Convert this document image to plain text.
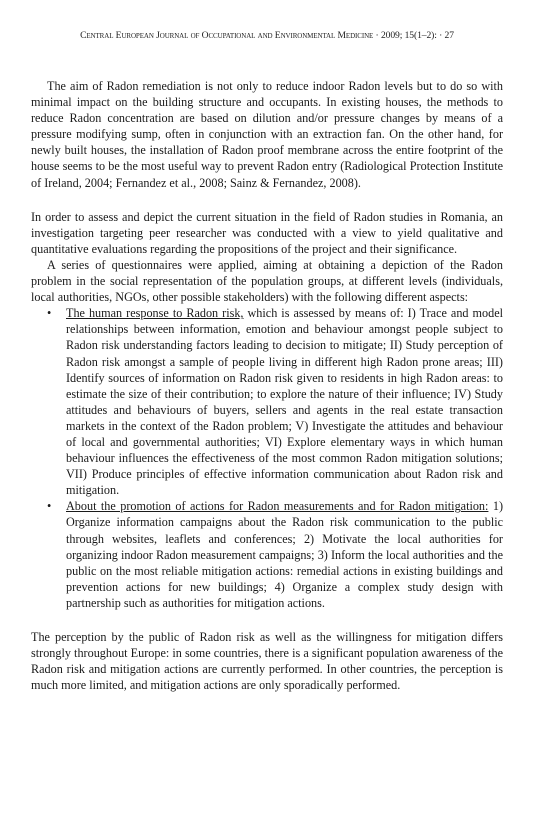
Central European Journal of Occupational and Environmental Medicine · 2009; 15(1–2): · 27

The aim of Radon remediation is not only to reduce indoor Radon levels but to do so with minimal impact on the building structure and occupants. In existing houses, the methods to reduce Radon concentration are based on dilution and/or pressure changes by means of a pressure modifying sump, often in conjunction with an extraction fan. On the other hand, for newly built houses, the installation of Radon proof membrane across the entire footprint of the house seems to be the most useful way to prevent Radon entry (Radiological Protection Institute of Ireland, 2004; Fernandez et al., 2008; Sainz & Fernandez, 2008).

In order to assess and depict the current situation in the field of Radon studies in Romania, an investigation targeting peer researcher was conducted with a view to yield qualitative and quantitative evaluations regarding the propositions of the project and their significance.

A series of questionnaires were applied, aiming at obtaining a depiction of the Radon problem in the social representation of the population groups, at different levels (individuals, local authorities, NGOs, other possible stakeholders) with the following different aspects:

• The human response to Radon risk, which is assessed by means of: I) Trace and model relationships between information, emotion and behaviour amongst people subject to Radon risk understanding factors leading to decision to mitigate; II) Study perception of Radon risk amongst a sample of people living in different high Radon prone areas; III) Identify sources of information on Radon risk given to residents in high Radon areas: to estimate the size of their contribution; to explore the nature of their influence; IV) Study attitudes and behaviours of buyers, sellers and agents in the real estate transaction markets in the context of the Radon problem; V) Investigate the attitudes and behaviour of local and governmental authorities; VI) Explore elementary ways in which human behaviour influences the effectiveness of the most common Radon mitigation solutions; VII) Produce principles of effective information communication about Radon risk and mitigation.
• About the promotion of actions for Radon measurements and for Radon mitigation: 1) Organize information campaigns about the Radon risk communication to the public through websites, leaflets and conferences; 2) Motivate the local authorities for organizing indoor Radon measurement campaigns; 3) Inform the local authorities and the public on the most reliable mitigation actions: remedial actions in existing buildings and prevention actions for new buildings; 4) Organize a complex study design with partnership such as authorities for mitigation actions.

The perception by the public of Radon risk as well as the willingness for mitigation differs strongly throughout Europe: in some countries, there is a significant population awareness of the Radon risk and mitigation actions are currently performed. In other countries, the perception is much more limited, and mitigation actions are only sporadically performed.
